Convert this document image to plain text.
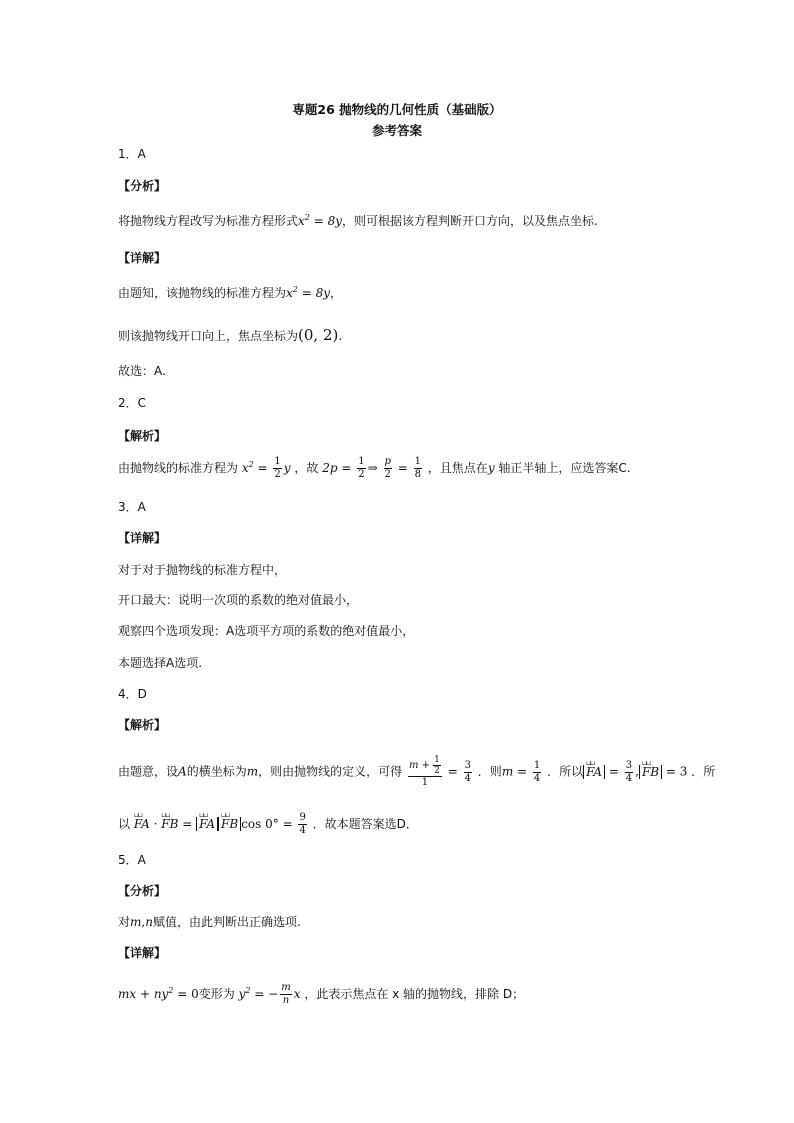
専题26 抛物线的几何性质（基础版）
参考答案
1．A
【分析】
将抛物线方程改写为标准方程形式$x^2 = 8y$，则可根据该方程判断开口方向，以及焦点坐标.
【详解】
由题知，该抛物线的标准方程为$x^2 = 8y$，
则该抛物线开口向上，焦点坐标为(0, 2).
故选：A.
2．C
【解析】
由抛物线的标准方程为 $x^2 = \frac{1}{2}$ y ，故 $2p = \frac{1}{2}$ ⇒ $\frac{p}{2} = \frac{1}{8}$ ，且焦点在y 轴正半轴上，应选答案C.
3．A
【详解】
对于对于抛物线的标准方程中，
开口最大：说明一次项的系数的绝对值最小，
观察四个选项发现：A选项平方项的系数的绝对值最小，
本题选择A选项.
4．D
【解析】
由题意，设A的横坐标为m，则由抛物线的定义，可得 $\frac{m + \frac{1}{2}}{1} = \frac{3}{4}$ ．则$m = \frac{1}{4}$ ．所以 ⊔⊔ FA = $\frac{3}{4}$ , ⊔⊔ FB = 3 ．所
以 ⊔⊔ FA · ⊔⊔ FB = ⊔⊔ FA ⊔⊔ FB $\cos 0^\circ = \frac{9}{4}$ ．故本题答案选D．
5．A
【分析】
对m,n赋值，由此判断出正确选项.
【详解】
mx + $ny^2 = 0$变形为 $y^2$ = − $\frac{m}{n}$ x ，此表示焦点在 x 轴的抛物线，排除 D；
